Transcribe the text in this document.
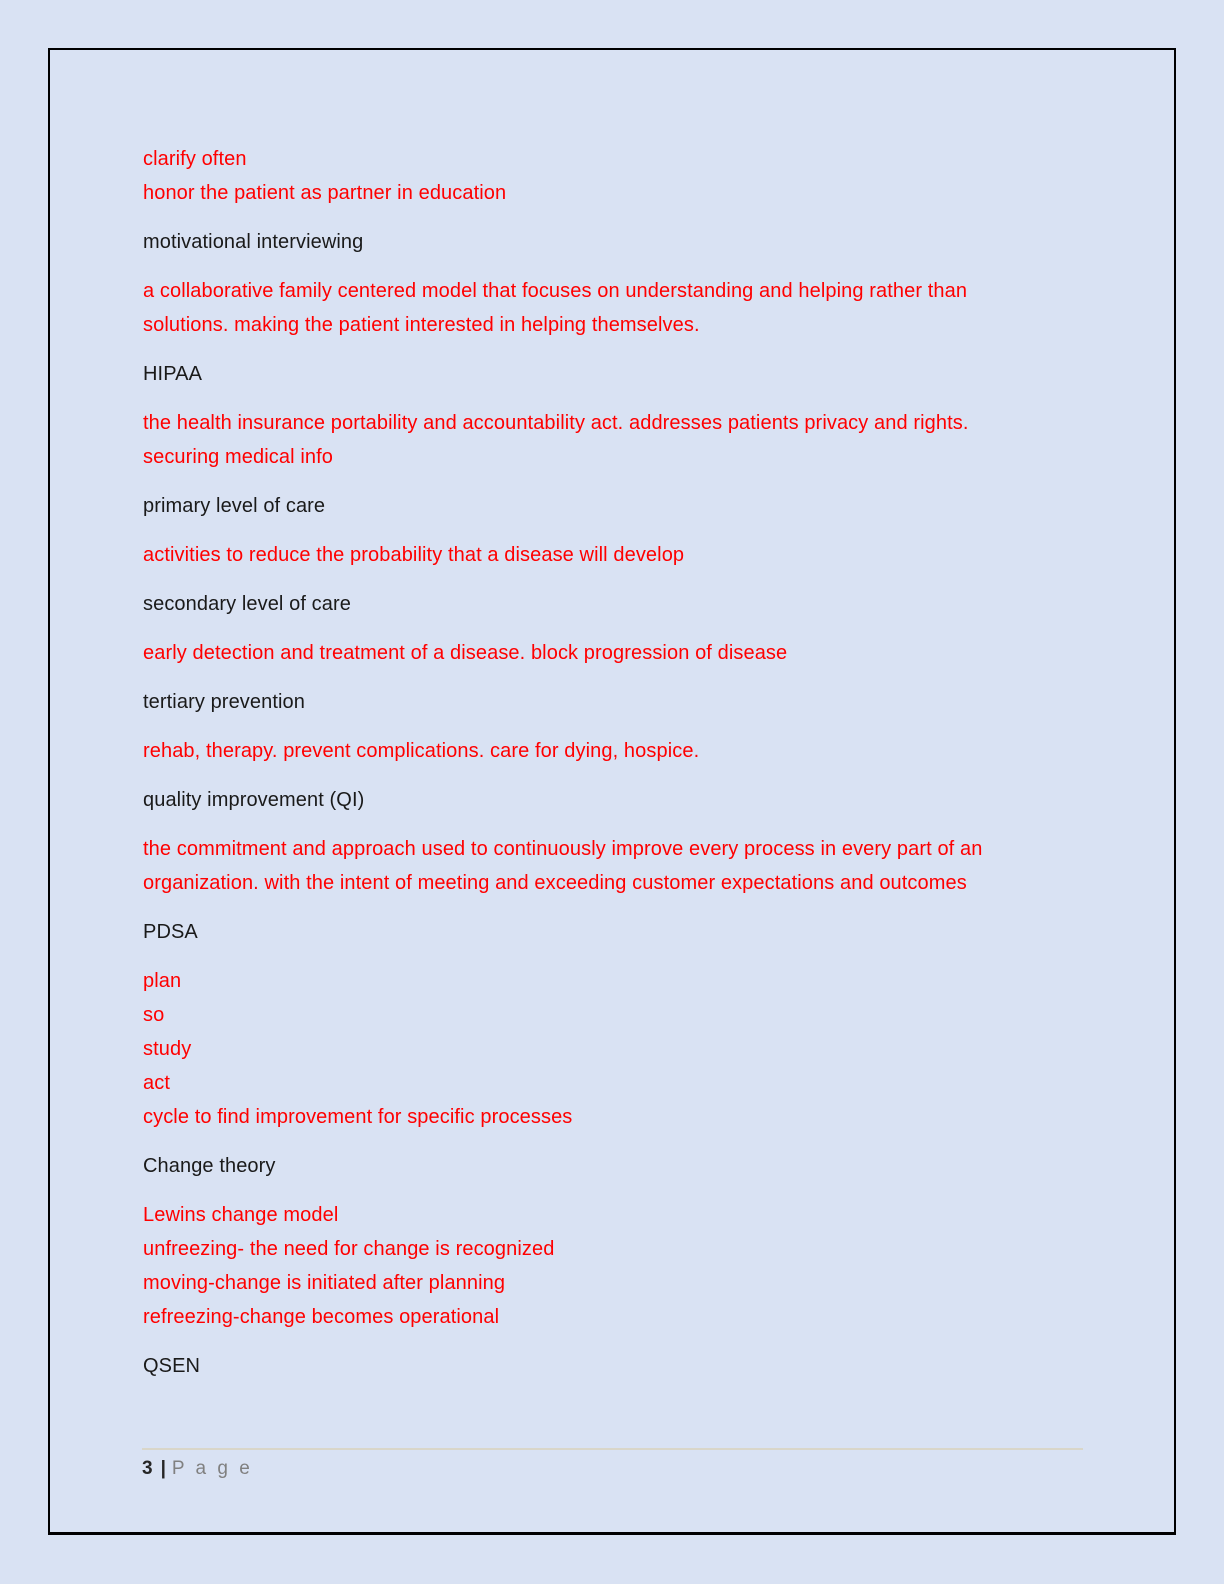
clarify often
honor the patient as partner in education

motivational interviewing

a collaborative family centered model that focuses on understanding and helping rather than
solutions. making the patient interested in helping themselves.

HIPAA

the health insurance portability and accountability act. addresses patients privacy and rights.
securing medical info

primary level of care

activities to reduce the probability that a disease will develop

secondary level of care

early detection and treatment of a disease. block progression of disease

tertiary prevention

rehab, therapy. prevent complications. care for dying, hospice.

quality improvement (QI)

the commitment and approach used to continuously improve every process in every part of an
organization. with the intent of meeting and exceeding customer expectations and outcomes

PDSA

plan
so
study
act
cycle to find improvement for specific processes

Change theory

Lewins change model
unfreezing- the need for change is recognized
moving-change is initiated after planning
refreezing-change becomes operational

QSEN

3 | P a g e
